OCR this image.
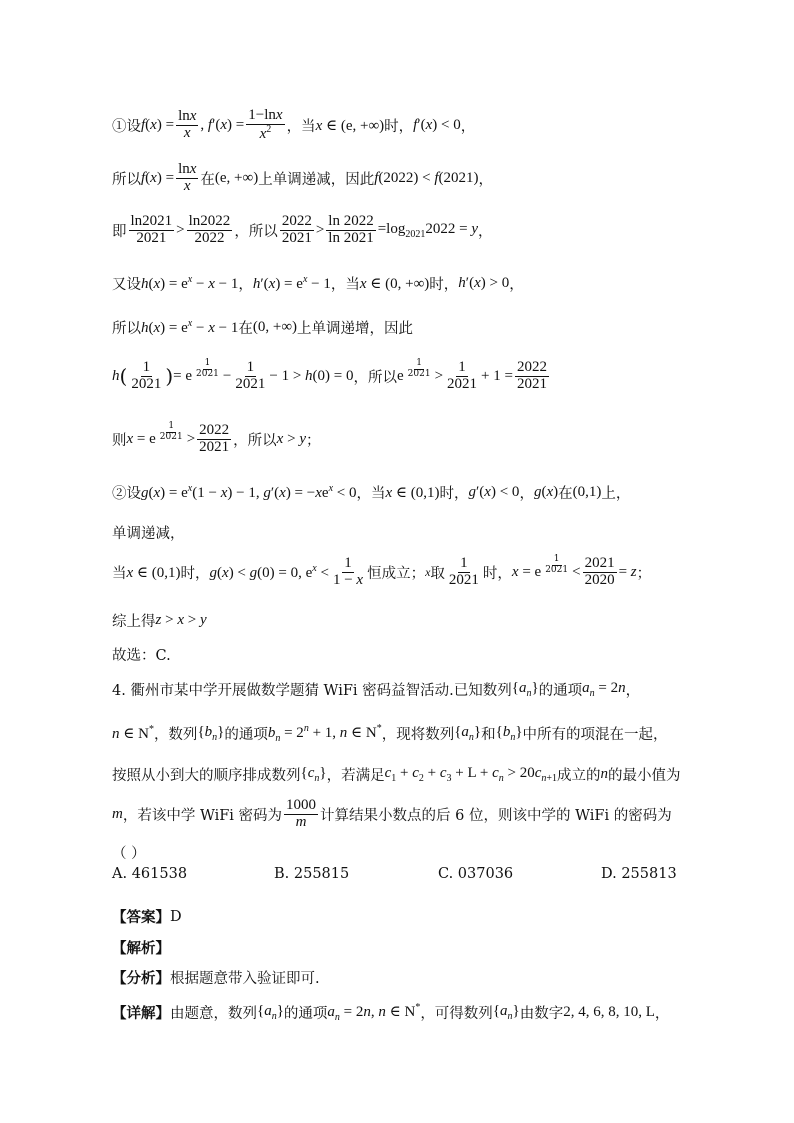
①设 $f(x) = \frac{\ln x}{x}$ , $f'(x) = \frac{1-\ln x}{x^2}$ ，当 x ∈ (e, +∞) 时， f′(x) < 0 ，
所以 $f(x) = \frac{\ln x}{x}$ 在 (e, +∞) 上单调递减，因此 f(2022) < f(2021) ，
即 $\frac{\ln 2021}{2021} > \frac{\ln 2022}{2022}$ ，所以 $\frac{2022}{2021} > \frac{\ln 2022}{\ln 2021} =\log_{2021}2022 = y$ ，
又设 $h(x) = e^x - x - 1$ ， $h'(x) = e^x - 1$ ，当 x ∈ (0, +∞) 时， h′(x) > 0 ，
所以 $h(x) = e^x - x - 1$ 在 (0, +∞) 上单调递增，因此
h ( $\frac{1}{2021}$ ) = e $\frac{1}{2021} - \frac{1}{2021} - 1 > h(0) = 0$ ，所以 e $\frac{1}{2021} > \frac{1}{2021} + 1 = \frac{2022}{2021}$
则 x = e $\frac{1}{2021} > \frac{2022}{2021}$ ，所以 x > y ；
②设 $g(x) = e^x(1 - x) - 1$, $g'(x) = -xe^x < 0$ ，当 x ∈ (0,1) 时， g′(x) < 0 ， g(x) 在 (0,1) 上，
单调递减，
当 x ∈ (0,1) 时， g(x) < g(0) = 0, $e^x < \frac{1}{1 - x}$ 恒成立； x 取 $\frac{1}{2021}$ 时， x = e $\frac{1}{2021} < \frac{2021}{2020} = z$ ；
综上得 z > x > y
故选：C.
4. 衢州市某中学开展做数学题猜 WiFi 密码益智活动.已知数列 $\{a_n\}$ 的通项 $a_n = 2n$ ，
n ∈ N* ，数列 $\{b_n\}$ 的通项 $b_n = 2^n + 1$, n ∈ N* ，现将数列 $\{a_n\}$ 和 $\{b_n\}$ 中所有的项混在一起，
按照从小到大的顺序排成数列 $\{c_n\}$ ，若满足 $c_1 + c_2 + c_3 + L + c_n > 20c_{n+1}$ 成立的 n 的最小值为
m ，若该中学 WiFi 密码为 $\frac{1000}{m}$ 计算结果小数点的后 6 位，则该中学的 WiFi 的密码为
（ ）
A. 461538	B. 255815	C. 037036	D. 255813
【答案】 D
【解析】
【分析】 根据题意带入验证即可.
【详解】 由题意，数列 $\{a_n\}$ 的通项 $a_n = 2n$, n ∈ N* ，可得数列 $\{a_n\}$ 由数字 2, 4, 6, 8, 10, L ，
